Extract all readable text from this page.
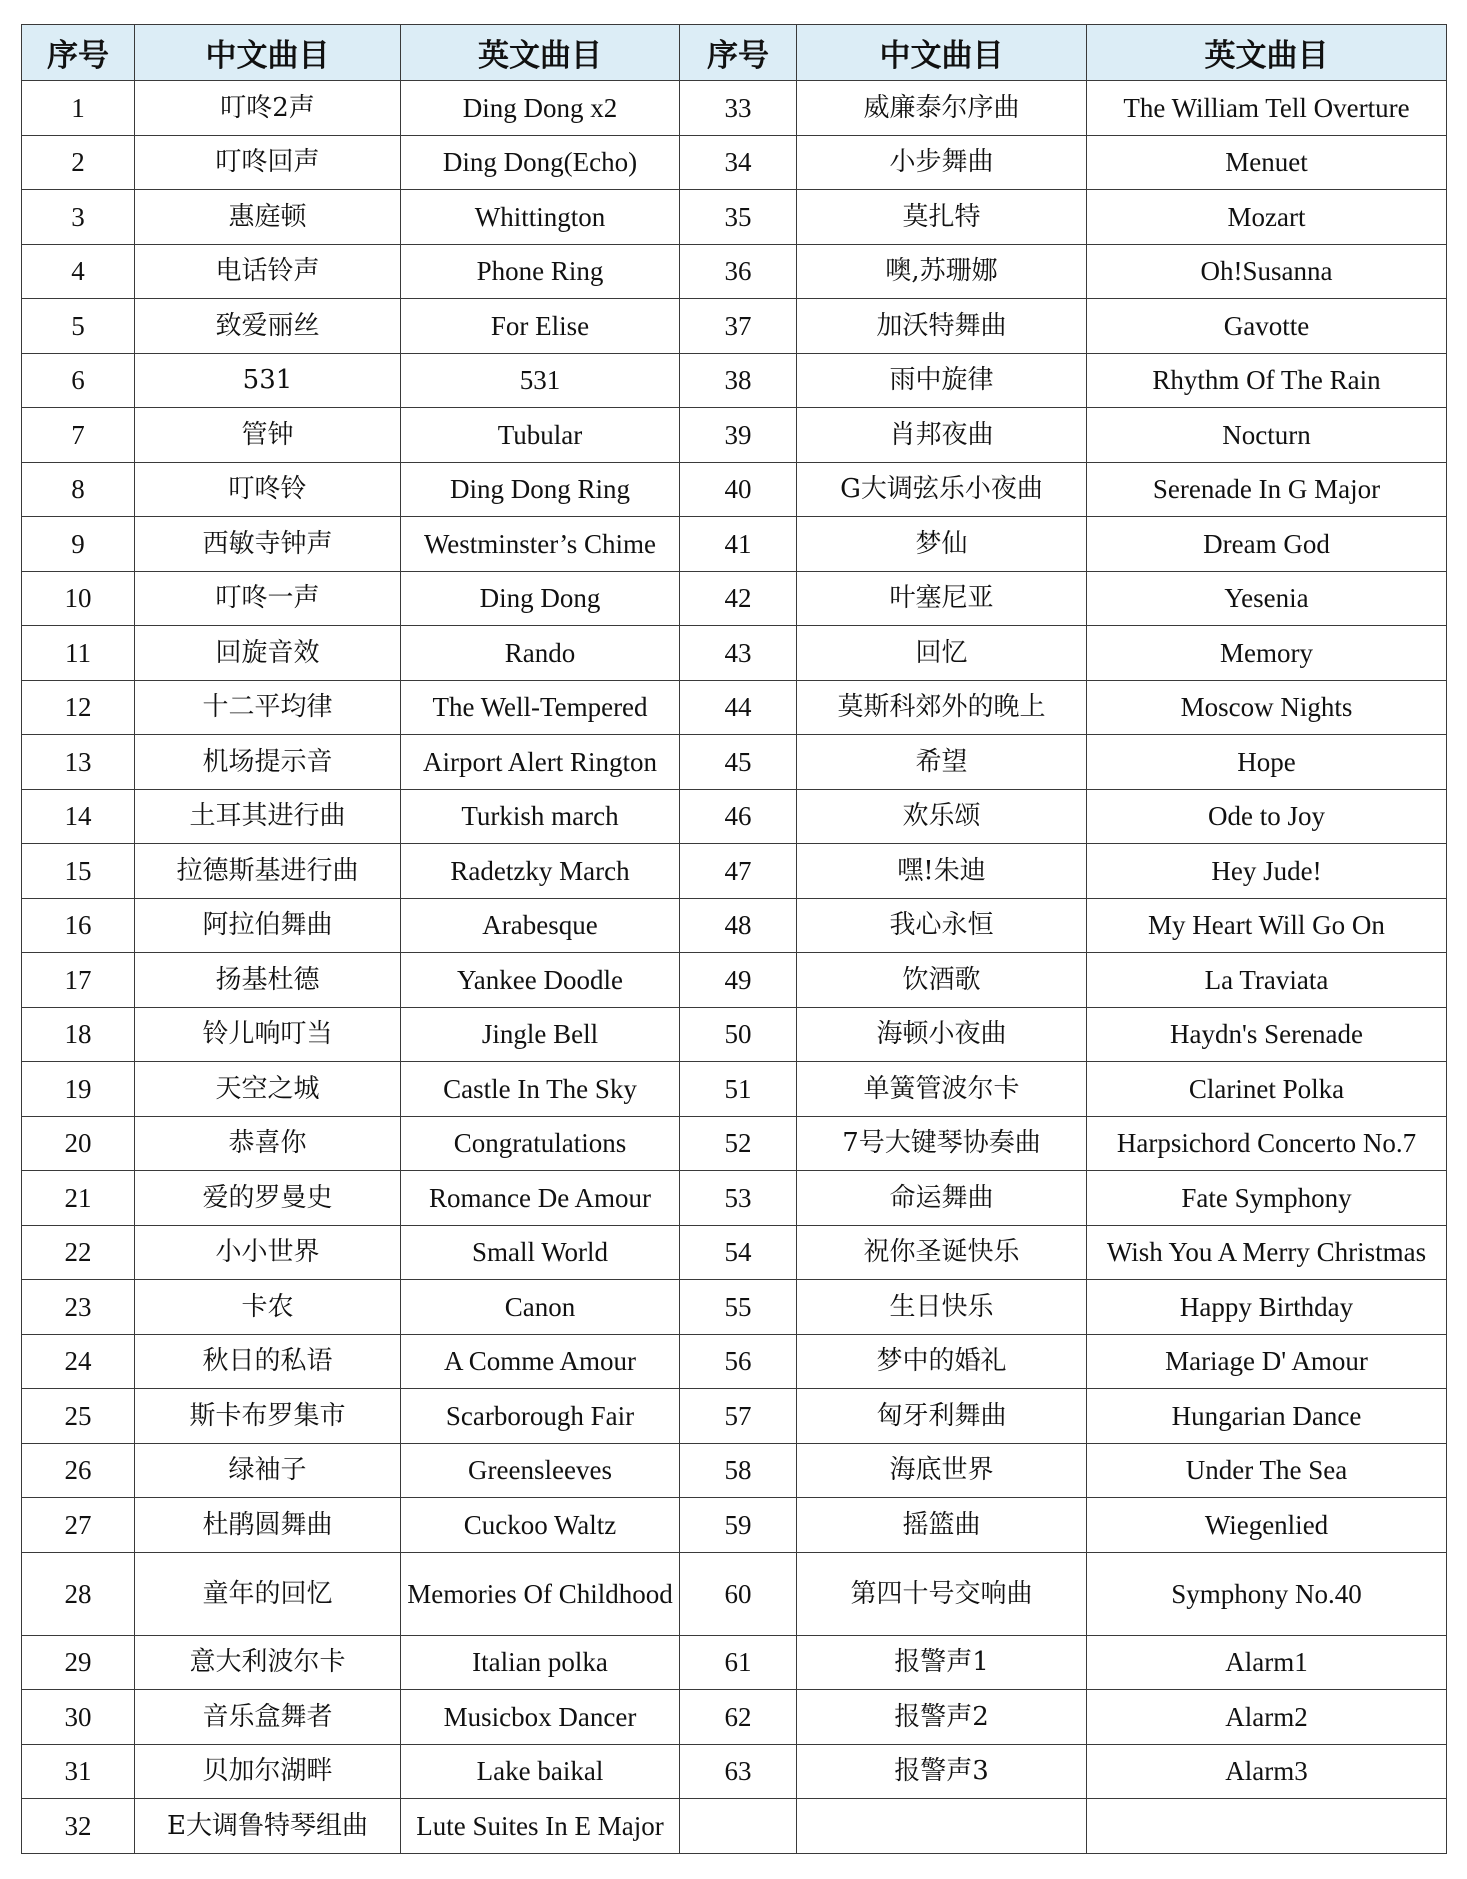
序号	中文曲目	英文曲目	序号	中文曲目	英文曲目
1	叮咚2声	Ding Dong x2	33	威廉泰尔序曲	The William Tell Overture
2	叮咚回声	Ding Dong(Echo)	34	小步舞曲	Menuet
3	惠庭顿	Whittington	35	莫扎特	Mozart
4	电话铃声	Phone Ring	36	噢,苏珊娜	Oh!Susanna
5	致爱丽丝	For Elise	37	加沃特舞曲	Gavotte
6	531	531	38	雨中旋律	Rhythm Of The Rain
7	管钟	Tubular	39	肖邦夜曲	Nocturn
8	叮咚铃	Ding Dong Ring	40	G大调弦乐小夜曲	Serenade In G Major
9	西敏寺钟声	Westminster’s Chime	41	梦仙	Dream God
10	叮咚一声	Ding Dong	42	叶塞尼亚	Yesenia
11	回旋音效	Rando	43	回忆	Memory
12	十二平均律	The Well-Tempered	44	莫斯科郊外的晚上	Moscow Nights
13	机场提示音	Airport Alert Rington	45	希望	Hope
14	土耳其进行曲	Turkish march	46	欢乐颂	Ode to Joy
15	拉德斯基进行曲	Radetzky March	47	嘿!朱迪	Hey Jude!
16	阿拉伯舞曲	Arabesque	48	我心永恒	My Heart Will Go On
17	扬基杜德	Yankee Doodle	49	饮酒歌	La Traviata
18	铃儿响叮当	Jingle Bell	50	海顿小夜曲	Haydn's Serenade
19	天空之城	Castle In The Sky	51	单簧管波尔卡	Clarinet Polka
20	恭喜你	Congratulations	52	7号大键琴协奏曲	Harpsichord Concerto No.7
21	爱的罗曼史	Romance De Amour	53	命运舞曲	Fate Symphony
22	小小世界	Small World	54	祝你圣诞快乐	Wish You A Merry Christmas
23	卡农	Canon	55	生日快乐	Happy Birthday
24	秋日的私语	A Comme Amour	56	梦中的婚礼	Mariage D' Amour
25	斯卡布罗集市	Scarborough Fair	57	匈牙利舞曲	Hungarian Dance
26	绿袖子	Greensleeves	58	海底世界	Under The Sea
27	杜鹃圆舞曲	Cuckoo Waltz	59	摇篮曲	Wiegenlied
28	童年的回忆	Memories Of Childhood	60	第四十号交响曲	Symphony No.40
29	意大利波尔卡	Italian polka	61	报警声1	Alarm1
30	音乐盒舞者	Musicbox Dancer	62	报警声2	Alarm2
31	贝加尔湖畔	Lake baikal	63	报警声3	Alarm3
32	E大调鲁特琴组曲	Lute Suites In E Major			
